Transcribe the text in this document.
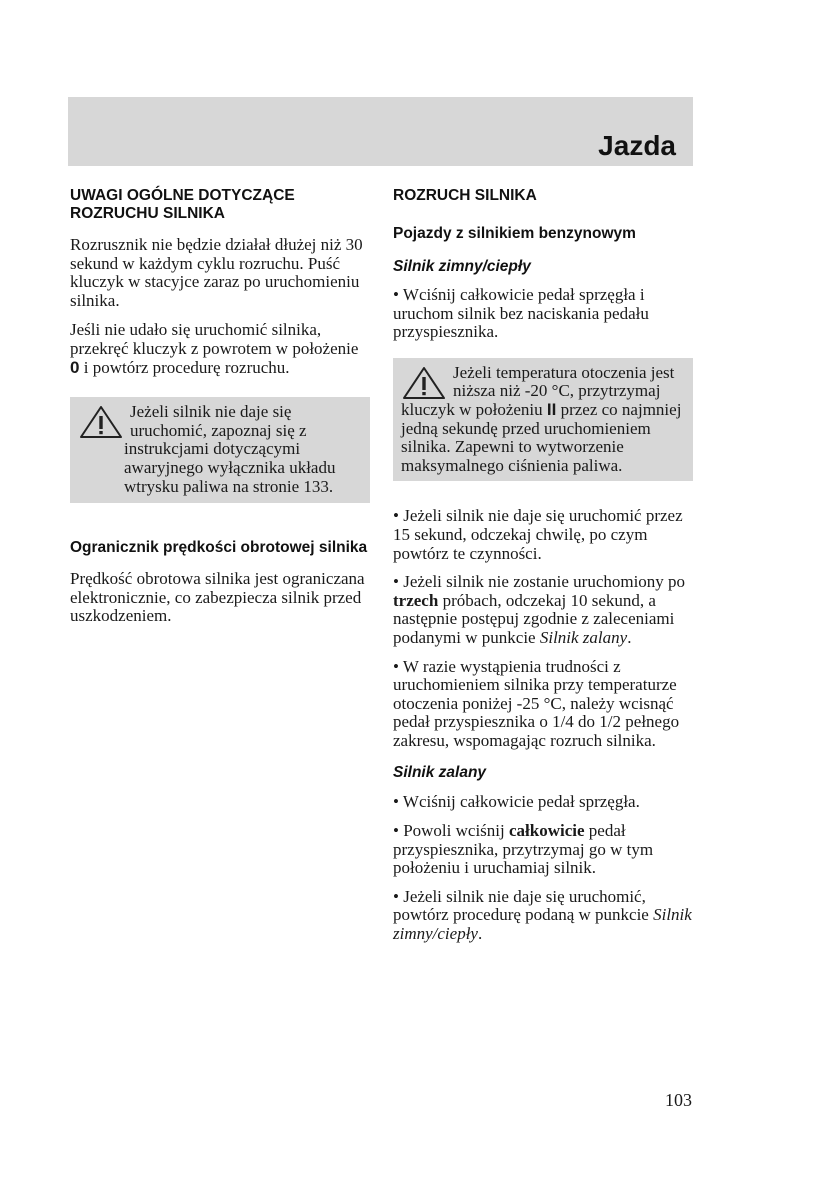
Jazda
UWAGI OGÓLNE DOTYCZĄCE ROZRUCHU SILNIKA

Rozrusznik nie będzie działał dłużej niż 30 sekund w każdym cyklu rozruchu. Puść kluczyk w stacyjce zaraz po uruchomieniu silnika.

Jeśli nie udało się uruchomić silnika, przekręć kluczyk z powrotem w położenie 0 i powtórz procedurę rozruchu.

Jeżeli silnik nie daje się uruchomić, zapoznaj się z instrukcjami dotyczącymi awaryjnego wyłącznika układu wtrysku paliwa na stronie 133.

Ogranicznik prędkości obrotowej silnika

Prędkość obrotowa silnika jest ograniczana elektronicznie, co zabezpiecza silnik przed uszkodzeniem.

ROZRUCH SILNIKA
Pojazdy z silnikiem benzynowym
Silnik zimny/ciepły

• Wciśnij całkowicie pedał sprzęgła i uruchom silnik bez naciskania pedału przyspiesznika.

Jeżeli temperatura otoczenia jest niższa niż -20 °C, przytrzymaj kluczyk w położeniu II przez co najmniej jedną sekundę przed uruchomieniem silnika. Zapewni to wytworzenie maksymalnego ciśnienia paliwa.

• Jeżeli silnik nie daje się uruchomić przez 15 sekund, odczekaj chwilę, po czym powtórz te czynności.

• Jeżeli silnik nie zostanie uruchomiony po trzech próbach, odczekaj 10 sekund, a następnie postępuj zgodnie z zaleceniami podanymi w punkcie Silnik zalany.

• W razie wystąpienia trudności z uruchomieniem silnika przy temperaturze otoczenia poniżej -25 °C, należy wcisnąć pedał przyspiesznika o 1/4 do 1/2 pełnego zakresu, wspomagając rozruch silnika.

Silnik zalany

• Wciśnij całkowicie pedał sprzęgła.

• Powoli wciśnij całkowicie pedał przyspiesznika, przytrzymaj go w tym położeniu i uruchamiaj silnik.

• Jeżeli silnik nie daje się uruchomić, powtórz procedurę podaną w punkcie Silnik zimny/ciepły.

103
